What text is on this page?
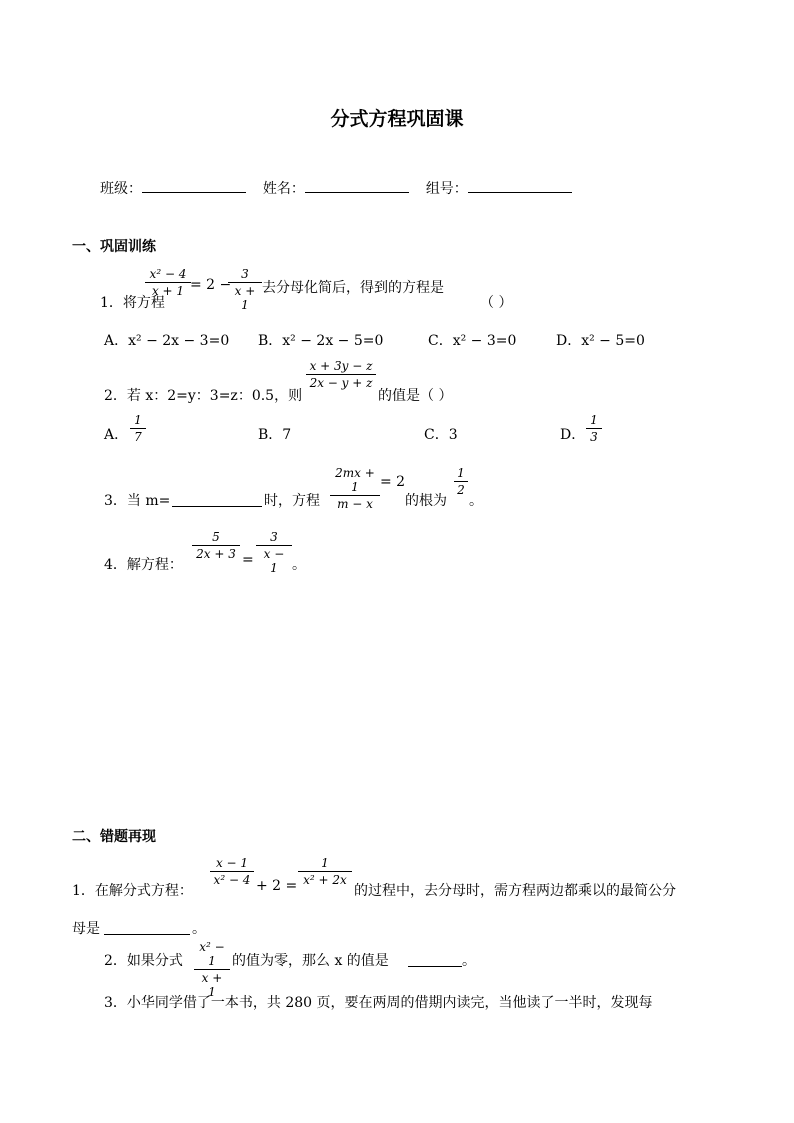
分式方程巩固课
班级：	姓名：	组号：
一、巩固训练
1．将方程
x² − 4
x + 1 = 2 −
3
x + 1
去分母化简后，得到的方程是
（ ）
A．x² − 2x − 3=0 B．x² − 2x − 5=0	C．x² − 3=0	D．x² − 5=0
2．若 x：2=y：3=z：0.5，则
x + 3y − z
2x − y + z
的值是（ ）
A．
1
7	B．7	C．3	D．
1
3
3．当 m=	时，方程
2mx + 1
m − x
= 2
的根为
1
2
。
4．解方程：
5
2x + 3 =
3
x − 1	。
二、错题再现
1．在解分式方程：
x − 1
x² − 4 + 2 =
1
x² + 2x
的过程中，去分母时，需方程两边都乘以的最简公分
母是	。
2．如果分式
x² − 1
x + 1
的值为零，那么 x 的值是	。
3．小华同学借了一本书，共 280 页，要在两周的借期内读完，当他读了一半时，发现每
